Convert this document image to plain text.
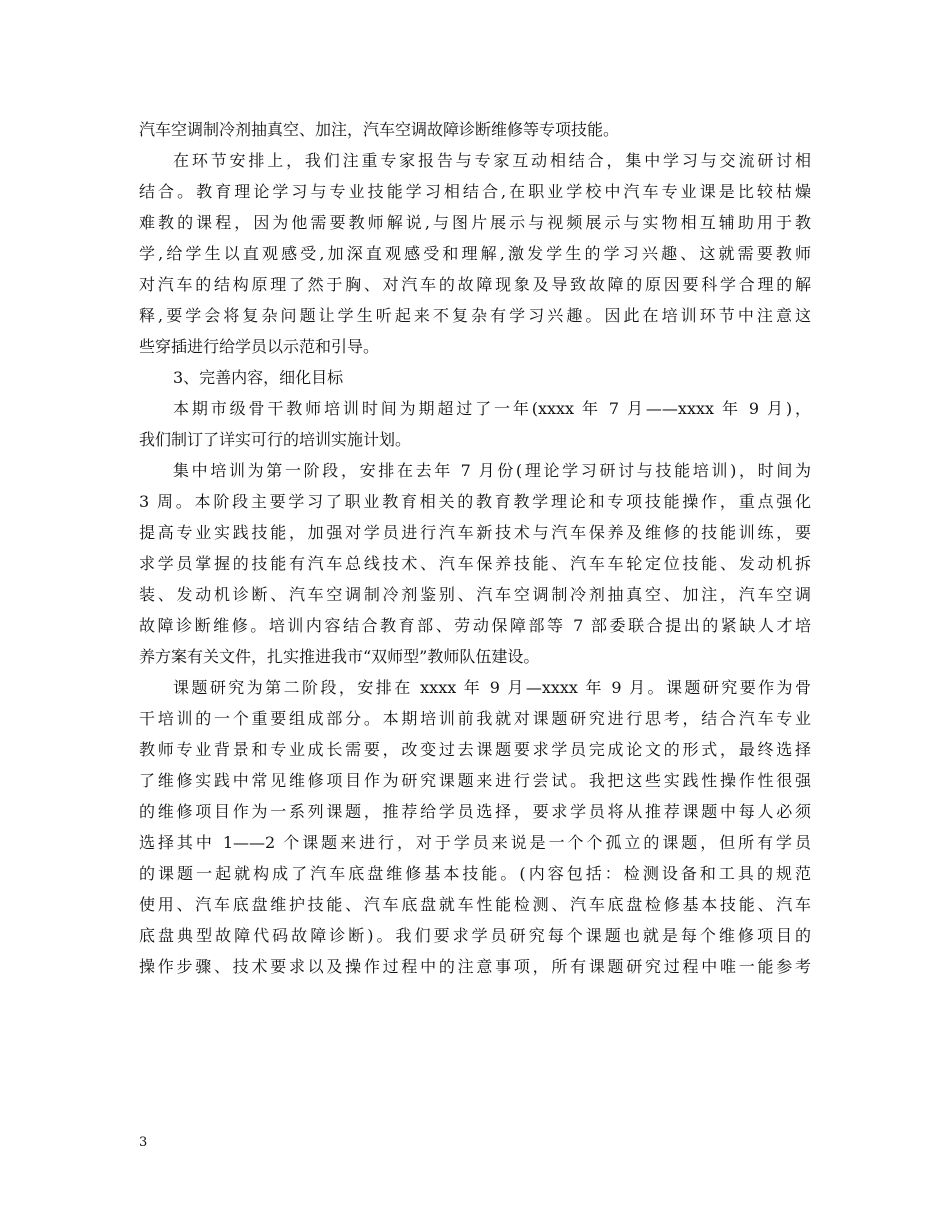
汽车空调制冷剂抽真空、加注，汽车空调故障诊断维修等专项技能。
在环节安排上，我们注重专家报告与专家互动相结合，集中学习与交流研讨相
结合。教育理论学习与专业技能学习相结合,在职业学校中汽车专业课是比较枯燥
难教的课程，因为他需要教师解说,与图片展示与视频展示与实物相互辅助用于教
学,给学生以直观感受,加深直观感受和理解,激发学生的学习兴趣、这就需要教师
对汽车的结构原理了然于胸、对汽车的故障现象及导致故障的原因要科学合理的解
释,要学会将复杂问题让学生听起来不复杂有学习兴趣。因此在培训环节中注意这
些穿插进行给学员以示范和引导。
3、完善内容，细化目标
本期市级骨干教师培训时间为期超过了一年(xxxx 年 7 月——xxxx 年 9 月)，
我们制订了详实可行的培训实施计划。
集中培训为第一阶段，安排在去年 7 月份(理论学习研讨与技能培训)，时间为
3 周。本阶段主要学习了职业教育相关的教育教学理论和专项技能操作，重点强化
提高专业实践技能，加强对学员进行汽车新技术与汽车保养及维修的技能训练，要
求学员掌握的技能有汽车总线技术、汽车保养技能、汽车车轮定位技能、发动机拆
装、发动机诊断、汽车空调制冷剂鉴别、汽车空调制冷剂抽真空、加注，汽车空调
故障诊断维修。培训内容结合教育部、劳动保障部等 7 部委联合提出的紧缺人才培
养方案有关文件，扎实推进我市“双师型”教师队伍建设。
课题研究为第二阶段，安排在 xxxx 年 9 月—xxxx 年 9 月。课题研究要作为骨
干培训的一个重要组成部分。本期培训前我就对课题研究进行思考，结合汽车专业
教师专业背景和专业成长需要，改变过去课题要求学员完成论文的形式，最终选择
了维修实践中常见维修项目作为研究课题来进行尝试。我把这些实践性操作性很强
的维修项目作为一系列课题，推荐给学员选择，要求学员将从推荐课题中每人必须
选择其中 1——2 个课题来进行，对于学员来说是一个个孤立的课题，但所有学员
的课题一起就构成了汽车底盘维修基本技能。(内容包括：检测设备和工具的规范
使用、汽车底盘维护技能、汽车底盘就车性能检测、汽车底盘检修基本技能、汽车
底盘典型故障代码故障诊断)。我们要求学员研究每个课题也就是每个维修项目的
操作步骤、技术要求以及操作过程中的注意事项，所有课题研究过程中唯一能参考
3
